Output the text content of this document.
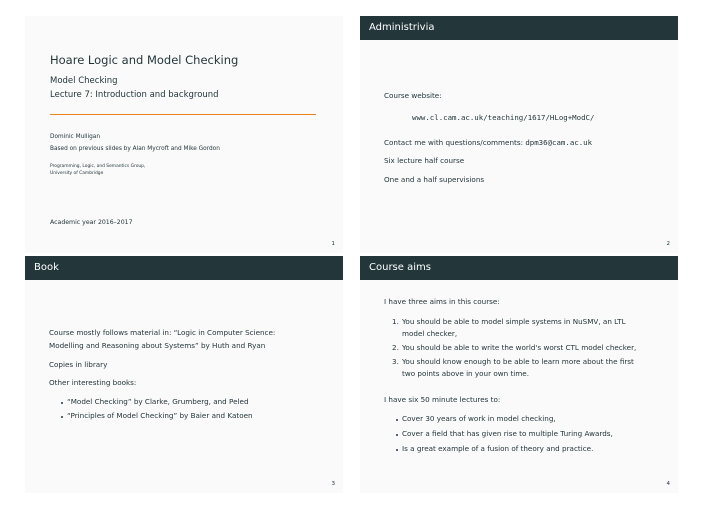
Hoare Logic and Model Checking
Model Checking
Lecture 7: Introduction and background
Dominic Mulligan
Based on previous slides by Alan Mycroft and Mike Gordon
Programming, Logic, and Semantics Group,
University of Cambridge
Academic year 2016–2017
1
Administrivia
Course website:
www.cl.cam.ac.uk/teaching/1617/HLog+ModC/
Contact me with questions/comments: dpm36@cam.ac.uk
Six lecture half course
One and a half supervisions
2
Book
Course mostly follows material in: “Logic in Computer Science:
Modelling and Reasoning about Systems” by Huth and Ryan
Copies in library
Other interesting books:
“Model Checking” by Clarke, Grumberg, and Peled
“Principles of Model Checking” by Baier and Katoen
3
Course aims
I have three aims in this course:
1. You should be able to model simple systems in NuSMV, an LTL
model checker,
2. You should be able to write the world's worst CTL model checker,
3. You should know enough to be able to learn more about the first
two points above in your own time.
I have six 50 minute lectures to:
Cover 30 years of work in model checking,
Cover a field that has given rise to multiple Turing Awards,
Is a great example of a fusion of theory and practice.
4
